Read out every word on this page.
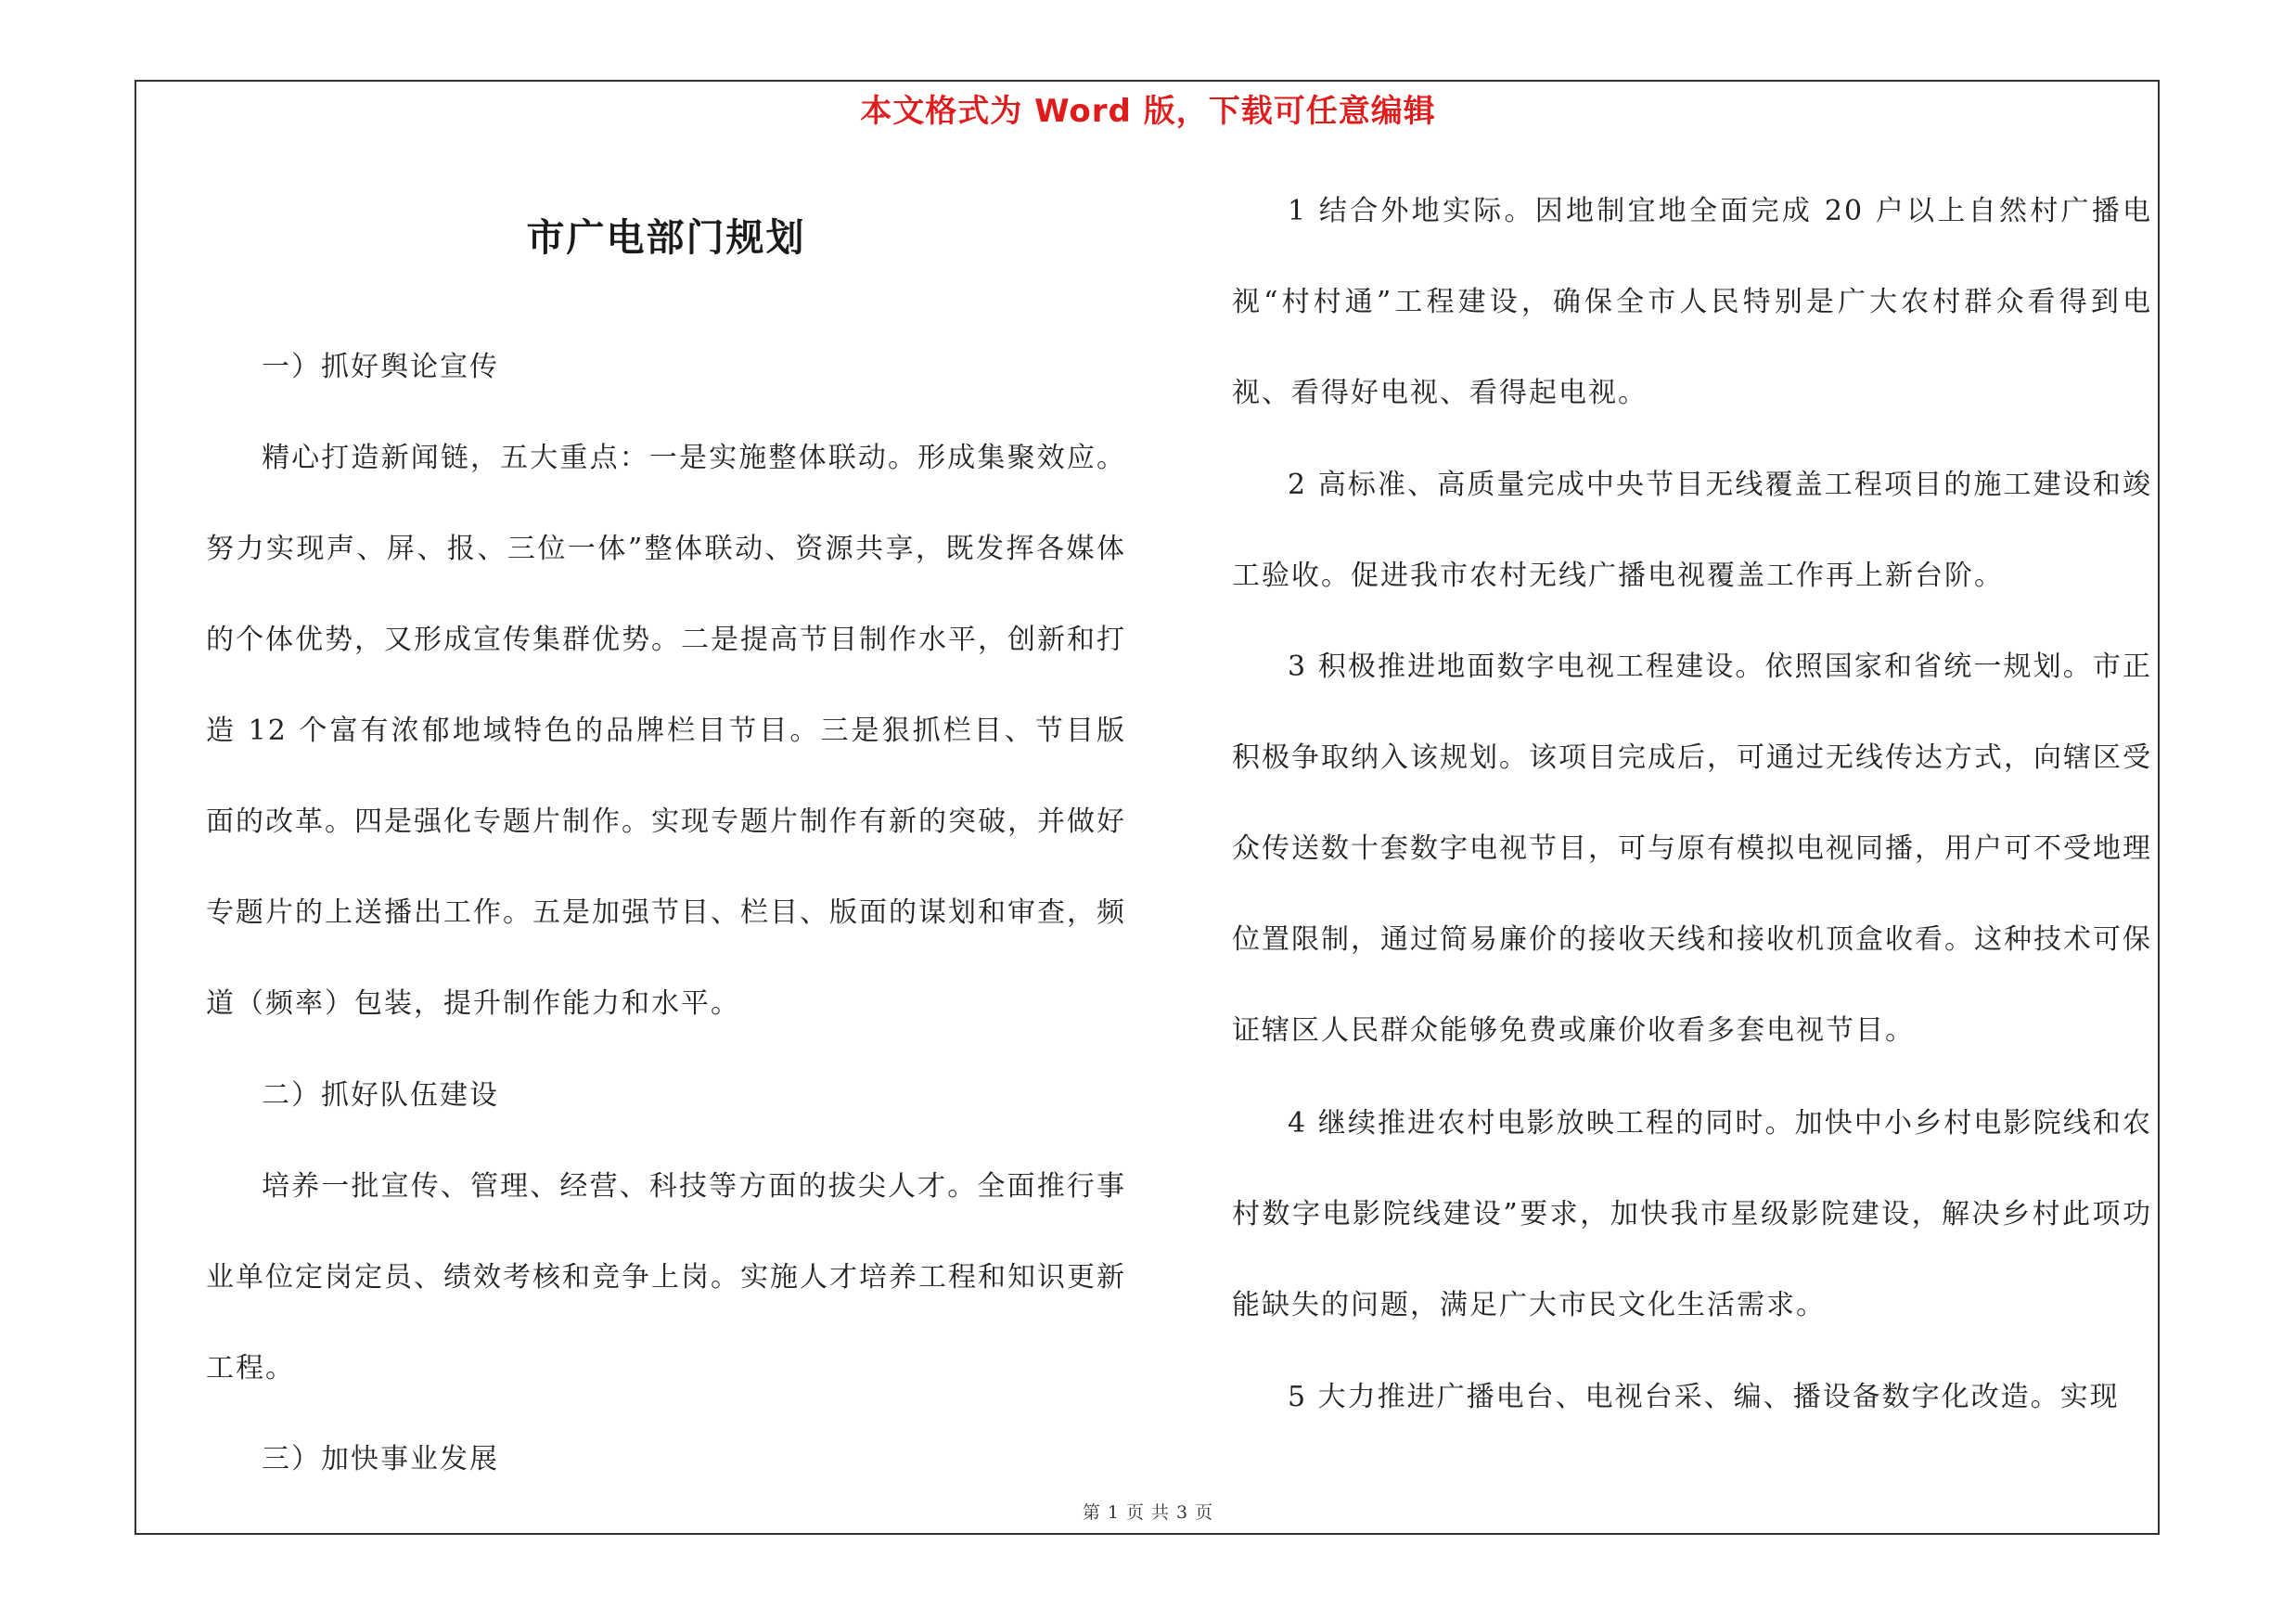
本文格式为 Word 版，下载可任意编辑
市广电部门规划

一）抓好舆论宣传

精心打造新闻链，五大重点：一是实施整体联动。形成集聚效应。努力实现声、屏、报、三位一体”整体联动、资源共享，既发挥各媒体的个体优势，又形成宣传集群优势。二是提高节目制作水平，创新和打造 12 个富有浓郁地域特色的品牌栏目节目。三是狠抓栏目、节目版面的改革。四是强化专题片制作。实现专题片制作有新的突破，并做好专题片的上送播出工作。五是加强节目、栏目、版面的谋划和审查，频道（频率）包装，提升制作能力和水平。

二）抓好队伍建设

培养一批宣传、管理、经营、科技等方面的拔尖人才。全面推行事业单位定岗定员、绩效考核和竞争上岗。实施人才培养工程和知识更新工程。

三）加快事业发展

1 结合外地实际。因地制宜地全面完成 20 户以上自然村广播电视“村村通”工程建设，确保全市人民特别是广大农村群众看得到电视、看得好电视、看得起电视。

2 高标准、高质量完成中央节目无线覆盖工程项目的施工建设和竣工验收。促进我市农村无线广播电视覆盖工作再上新台阶。

3 积极推进地面数字电视工程建设。依照国家和省统一规划。市正积极争取纳入该规划。该项目完成后，可通过无线传达方式，向辖区受众传送数十套数字电视节目，可与原有模拟电视同播，用户可不受地理位置限制，通过简易廉价的接收天线和接收机顶盒收看。这种技术可保证辖区人民群众能够免费或廉价收看多套电视节目。

4 继续推进农村电影放映工程的同时。加快中小乡村电影院线和农村数字电影院线建设”要求，加快我市星级影院建设，解决乡村此项功能缺失的问题，满足广大市民文化生活需求。

5 大力推进广播电台、电视台采、编、播设备数字化改造。实现

第 1 页 共 3 页
